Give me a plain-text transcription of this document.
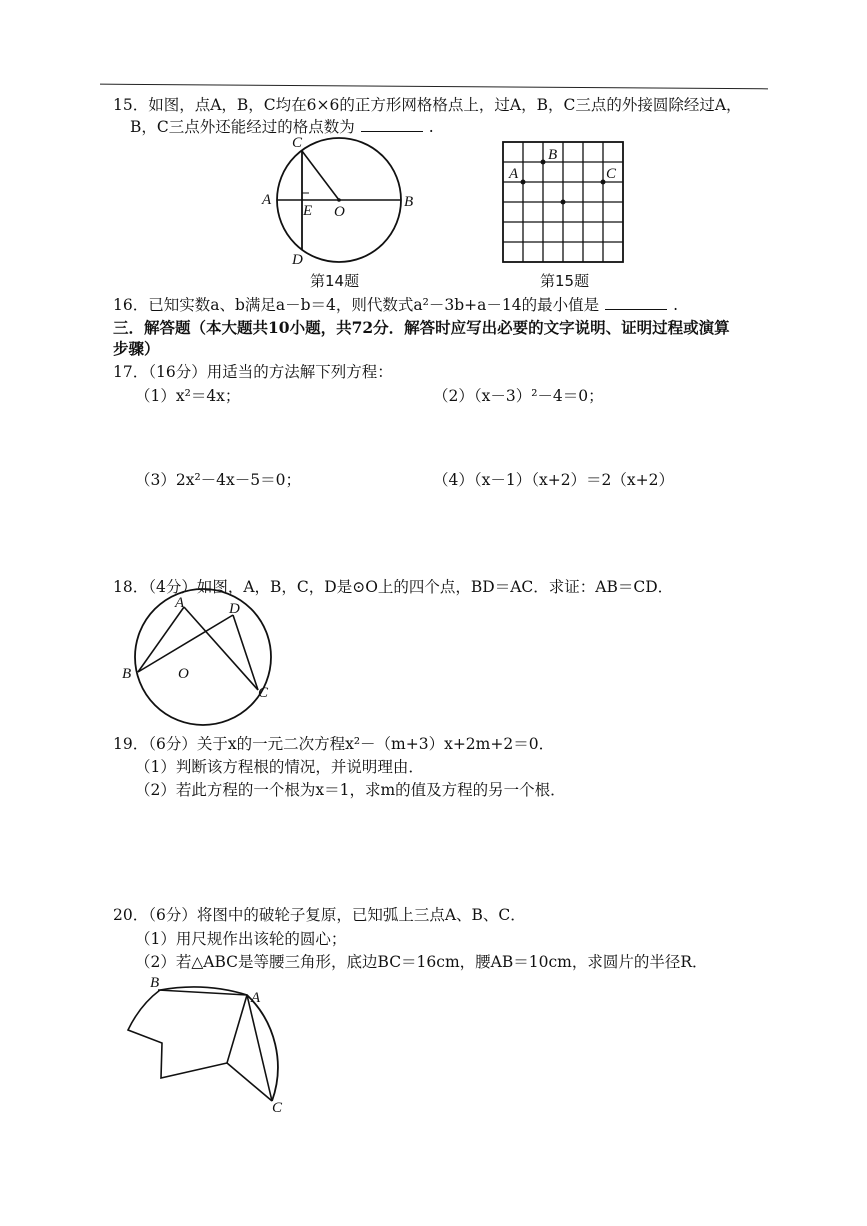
15．如图，点A，B，C均在6×6的正方形网格格点上，过A，B，C三点的外接圆除经过A，
B，C三点外还能经过的格点数为	.
A	B
C
D
E O
第14题
A
B
C
第15题
16．已知实数a、b满足a－b＝4，则代数式a²－3b+a－14的最小值是	.
三．解答题（本大题共10小题，共72分．解答时应写出必要的文字说明、证明过程或演算
步骤）
17．（16分）用适当的方法解下列方程：
（1）x²＝4x；	（2）（x－3）²－4＝0；
（3）2x²－4x－5＝0；	（4）（x－1）（x+2）＝2（x+2）
18．（4分）如图，A，B，C，D是⊙O上的四个点，BD＝AC．求证：AB＝CD．
A	D
B	O
C
19．（6分）关于x的一元二次方程x²－（m+3）x+2m+2＝0．
（1）判断该方程根的情况，并说明理由．
（2）若此方程的一个根为x＝1，求m的值及方程的另一个根．
20．（6分）将图中的破轮子复原，已知弧上三点A、B、C．
（1）用尺规作出该轮的圆心；
（2）若△ABC是等腰三角形，底边BC＝16cm，腰AB＝10cm，求圆片的半径R．
B
A
C
